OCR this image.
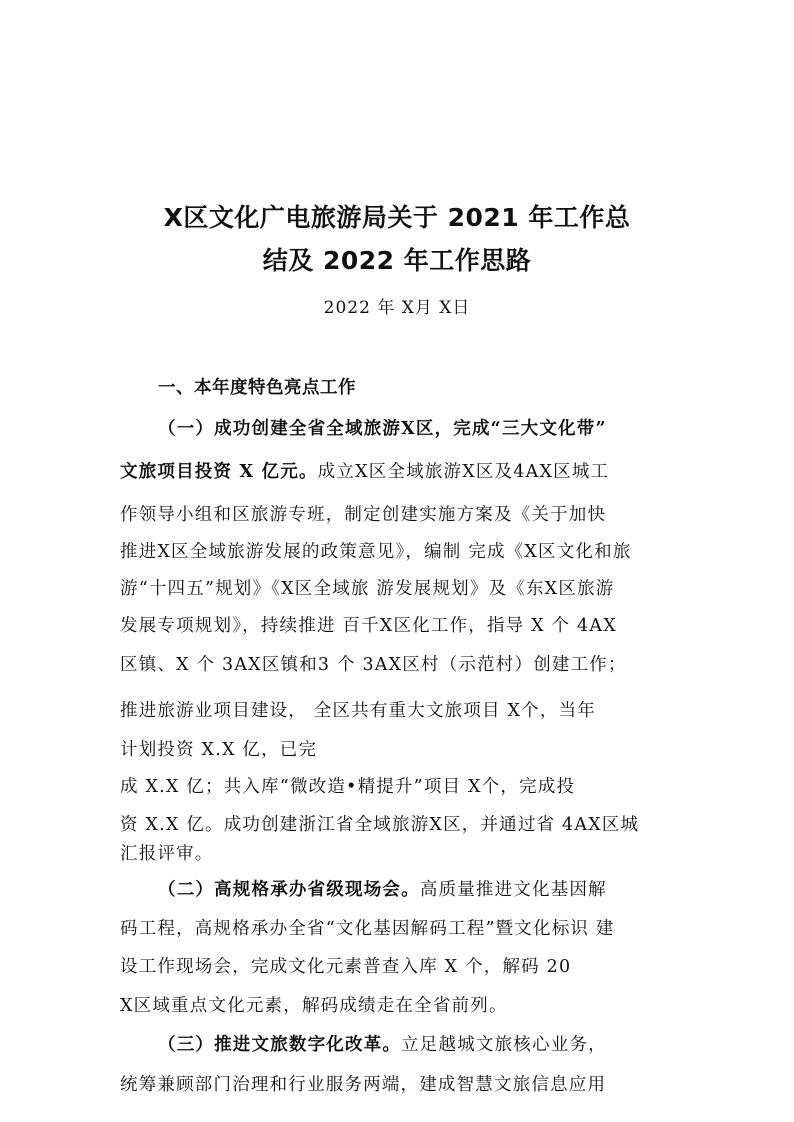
X区文化广电旅游局关于 2021 年工作总
结及 2022 年工作思路
2022 年 X月 X日
一、本年度特色亮点工作
（一）成功创建全省全域旅游X区，完成“三大文化带”
文旅项目投资 X 亿元。成立X区全域旅游X区及4AX区城工
作领导小组和区旅游专班，制定创建实施方案及《关于加快
推进X区全域旅游发展的政策意见》，编制 完成《X区文化和旅
游“十四五”规划》《X区全域旅 游发展规划》及《东X区旅游
发展专项规划》，持续推进 百千X区化工作，指导 X 个 4AX
区镇、X 个 3AX区镇和3 个 3AX区村（示范村）创建工作；
推进旅游业项目建设， 全区共有重大文旅项目 X个，当年
计划投资 X.X 亿，已完
成 X.X 亿；共入库“微改造•精提升”项目 X个，完成投
资 X.X 亿。成功创建浙江省全域旅游X区，并通过省 4AX区城
汇报评审。
（二）高规格承办省级现场会。高质量推进文化基因解
码工程，高规格承办全省“文化基因解码工程”暨文化标识 建
设工作现场会，完成文化元素普查入库 X 个，解码 20
X区域重点文化元素，解码成绩走在全省前列。
（三）推进文旅数字化改革。立足越城文旅核心业务，
统筹兼顾部门治理和行业服务两端，建成智慧文旅信息应用
